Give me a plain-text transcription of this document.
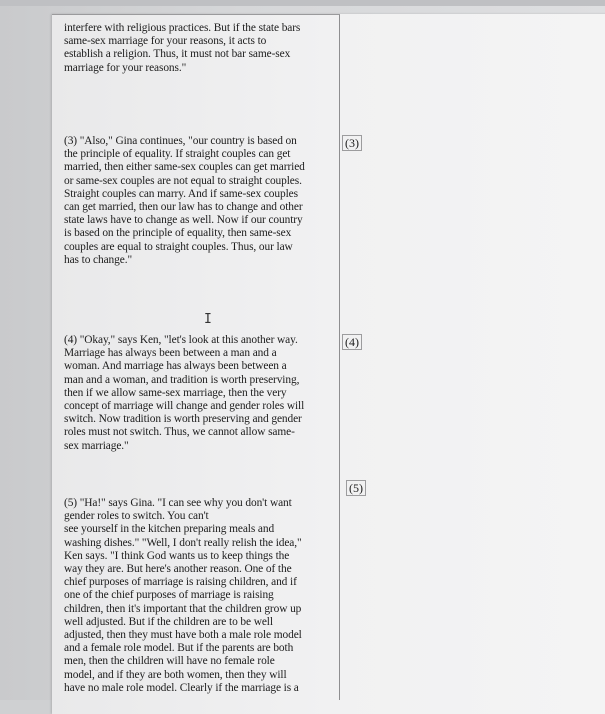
interfere with religious practices. But if the state bars
same-sex marriage for your reasons, it acts to
establish a religion. Thus, it must not bar same-sex
marriage for your reasons."
(3) "Also," Gina continues, "our country is based on
the principle of equality. If straight couples can get
married, then either same-sex couples can get married
or same-sex couples are not equal to straight couples.
Straight couples can marry. And if same-sex couples
can get married, then our law has to change and other
state laws have to change as well. Now if our country
is based on the principle of equality, then same-sex
couples are equal to straight couples. Thus, our law
has to change."
(3)
I
(4) "Okay," says Ken, "let's look at this another way.
Marriage has always been between a man and a
woman. And marriage has always been between a
man and a woman, and tradition is worth preserving,
then if we allow same-sex marriage, then the very
concept of marriage will change and gender roles will
switch. Now tradition is worth preserving and gender
roles must not switch. Thus, we cannot allow same-
sex marriage."
(4)
(5)
(5) "Ha!" says Gina. "I can see why you don't want
gender roles to switch. You can't
see yourself in the kitchen preparing meals and
washing dishes." "Well, I don't really relish the idea,"
Ken says. "I think God wants us to keep things the
way they are. But here's another reason. One of the
chief purposes of marriage is raising children, and if
one of the chief purposes of marriage is raising
children, then it's important that the children grow up
well adjusted. But if the children are to be well
adjusted, then they must have both a male role model
and a female role model. But if the parents are both
men, then the children will have no female role
model, and if they are both women, then they will
have no male role model. Clearly if the marriage is a
